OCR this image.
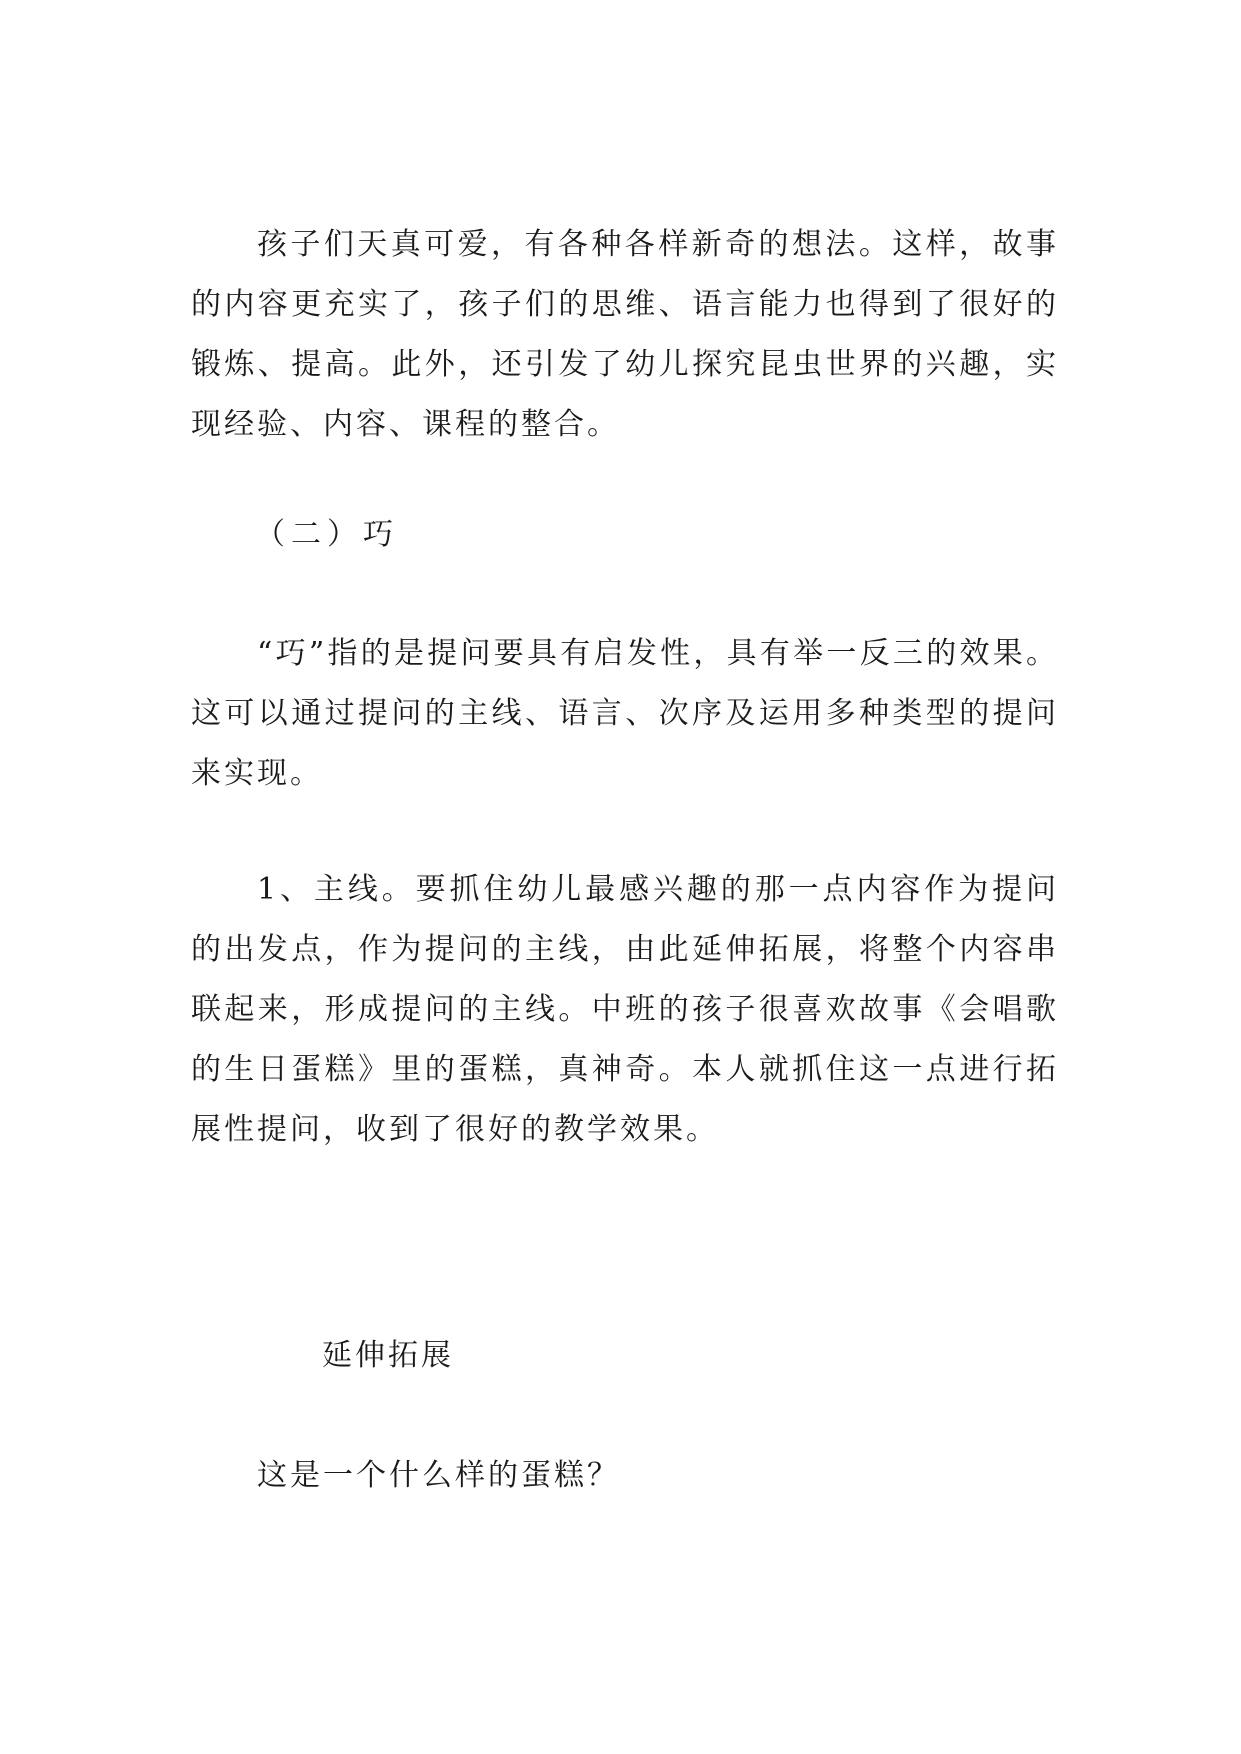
孩子们天真可爱，有各种各样新奇的想法。这样，故事的内容更充实了，孩子们的思维、语言能力也得到了很好的锻炼、提高。此外，还引发了幼儿探究昆虫世界的兴趣，实现经验、内容、课程的整合。

（二）巧

“巧”指的是提问要具有启发性，具有举一反三的效果。这可以通过提问的主线、语言、次序及运用多种类型的提问来实现。

1、主线。要抓住幼儿最感兴趣的那一点内容作为提问的出发点，作为提问的主线，由此延伸拓展，将整个内容串联起来，形成提问的主线。中班的孩子很喜欢故事《会唱歌的生日蛋糕》里的蛋糕，真神奇。本人就抓住这一点进行拓展性提问，收到了很好的教学效果。

延伸拓展

这是一个什么样的蛋糕？
